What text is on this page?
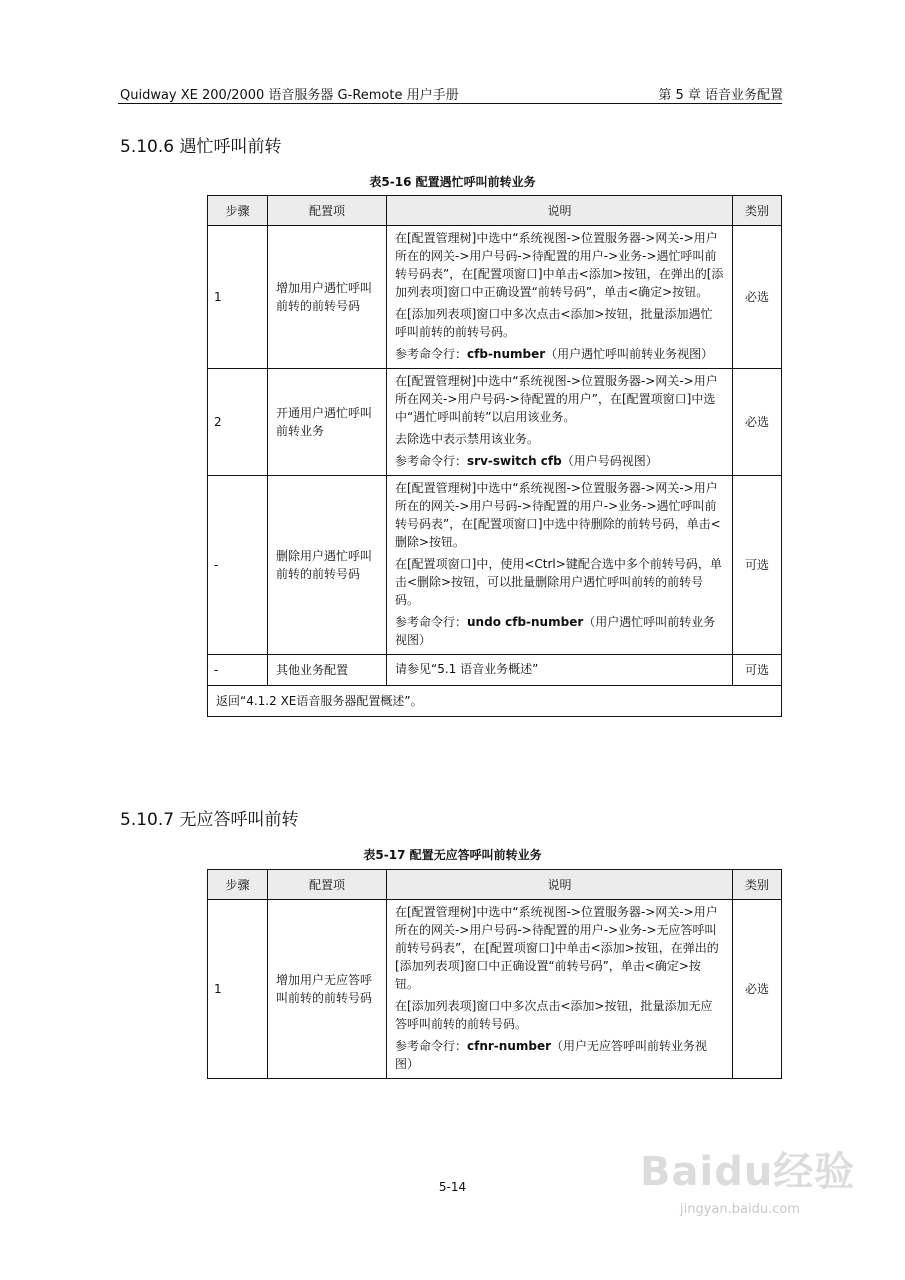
Quidway XE 200/2000 语音服务器 G-Remote 用户手册	第 5 章 语音业务配置
5.10.6 遇忙呼叫前转
表5-16 配置遇忙呼叫前转业务
步骤	配置项	说明	类别
1	增加用户遇忙呼叫前转的前转号码	在[配置管理树]中选中“系统视图->位置服务器->网关->用户所在的网关->用户号码->待配置的用户->业务->遇忙呼叫前转号码表”，在[配置项窗口]中单击<添加>按钮，在弹出的[添加列表项]窗口中正确设置“前转号码”，单击<确定>按钮。

在[添加列表项]窗口中多次点击<添加>按钮，批量添加遇忙呼叫前转的前转号码。

参考命令行：cfb-number（用户遇忙呼叫前转业务视图）	必选
2	开通用户遇忙呼叫前转业务	在[配置管理树]中选中“系统视图->位置服务器->网关->用户所在网关->用户号码->待配置的用户”，在[配置项窗口]中选中“遇忙呼叫前转”以启用该业务。

去除选中表示禁用该业务。

参考命令行：srv-switch cfb（用户号码视图）	必选
-	删除用户遇忙呼叫前转的前转号码	在[配置管理树]中选中“系统视图->位置服务器->网关->用户所在的网关->用户号码->待配置的用户->业务->遇忙呼叫前转号码表”，在[配置项窗口]中选中待删除的前转号码，单击<删除>按钮。

在[配置项窗口]中，使用<Ctrl>键配合选中多个前转号码，单击<删除>按钮，可以批量删除用户遇忙呼叫前转的前转号码。

参考命令行：undo cfb-number（用户遇忙呼叫前转业务视图）	可选
-	其他业务配置	请参见“5.1 语音业务概述”	可选
返回“4.1.2 XE语音服务器配置概述”。			
5.10.7 无应答呼叫前转
表5-17 配置无应答呼叫前转业务
步骤	配置项	说明	类别
1	增加用户无应答呼叫前转的前转号码	在[配置管理树]中选中“系统视图->位置服务器->网关->用户所在的网关->用户号码->待配置的用户->业务->无应答呼叫前转号码表”，在[配置项窗口]中单击<添加>按钮，在弹出的[添加列表项]窗口中正确设置“前转号码”，单击<确定>按钮。

在[添加列表项]窗口中多次点击<添加>按钮，批量添加无应答呼叫前转的前转号码。

参考命令行：cfnr-number（用户无应答呼叫前转业务视图）	必选
5-14	Baidu经验
jingyan.baidu.com
